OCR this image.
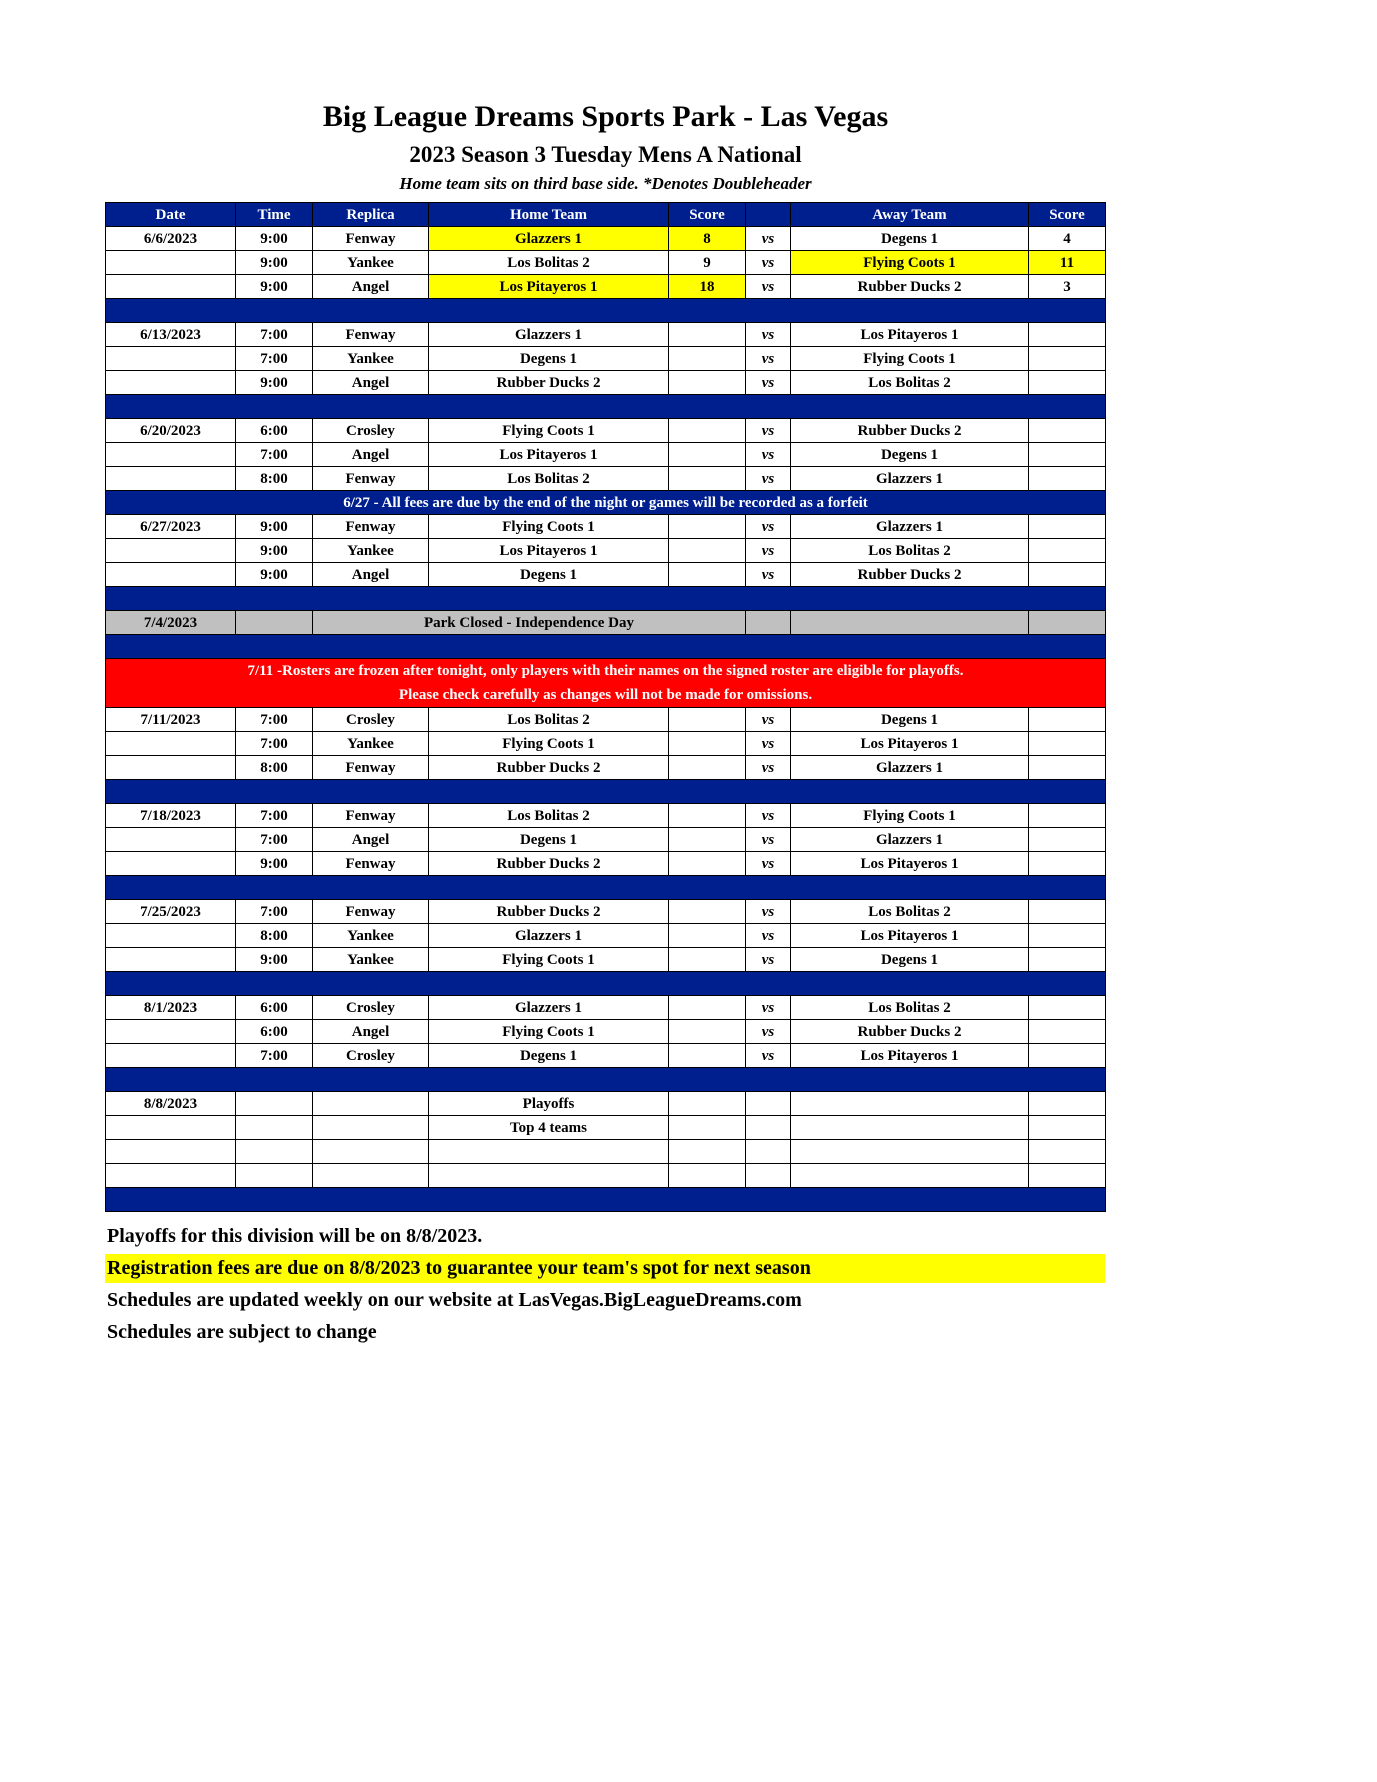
Big League Dreams Sports Park - Las Vegas
2023 Season 3 Tuesday Mens A National
Home team sits on third base side. *Denotes Doubleheader
Date	Time	Replica	Home Team	Score		Away Team	Score
6/6/2023	9:00	Fenway	Glazzers 1	8	vs	Degens 1	4
	9:00	Yankee	Los Bolitas 2	9	vs	Flying Coots 1	11
	9:00	Angel	Los Pitayeros 1	18	vs	Rubber Ducks 2	3

6/13/2023	7:00	Fenway	Glazzers 1		vs	Los Pitayeros 1	
	7:00	Yankee	Degens 1		vs	Flying Coots 1	
	9:00	Angel	Rubber Ducks 2		vs	Los Bolitas 2	

6/20/2023	6:00	Crosley	Flying Coots 1		vs	Rubber Ducks 2	
	7:00	Angel	Los Pitayeros 1		vs	Degens 1	
	8:00	Fenway	Los Bolitas 2		vs	Glazzers 1	
6/27 - All fees are due by the end of the night or games will be recorded as a forfeit							
6/27/2023	9:00	Fenway	Flying Coots 1		vs	Glazzers 1	
	9:00	Yankee	Los Pitayeros 1		vs	Los Bolitas 2	
	9:00	Angel	Degens 1		vs	Rubber Ducks 2	

7/4/2023		Park Closed - Independence Day					

7/11 -Rosters are frozen after tonight, only players with their names on the signed roster are eligible for playoffs.
Please check carefully as changes will not be made for omissions.							

7/11/2023	7:00	Crosley	Los Bolitas 2		vs	Degens 1	
	7:00	Yankee	Flying Coots 1		vs	Los Pitayeros 1	
	8:00	Fenway	Rubber Ducks 2		vs	Glazzers 1	

7/18/2023	7:00	Fenway	Los Bolitas 2		vs	Flying Coots 1	
	7:00	Angel	Degens 1		vs	Glazzers 1	
	9:00	Fenway	Rubber Ducks 2		vs	Los Pitayeros 1	

7/25/2023	7:00	Fenway	Rubber Ducks 2		vs	Los Bolitas 2	
	8:00	Yankee	Glazzers 1		vs	Los Pitayeros 1	
	9:00	Yankee	Flying Coots 1		vs	Degens 1	

8/1/2023	6:00	Crosley	Glazzers 1		vs	Los Bolitas 2	
	6:00	Angel	Flying Coots 1		vs	Rubber Ducks 2	
	7:00	Crosley	Degens 1		vs	Los Pitayeros 1	

8/8/2023			Playoffs				
			Top 4 teams				

Playoffs for this division will be on 8/8/2023.
Registration fees are due on 8/8/2023 to guarantee your team's spot for next season
Schedules are updated weekly on our website at LasVegas.BigLeagueDreams.com
Schedules are subject to change
